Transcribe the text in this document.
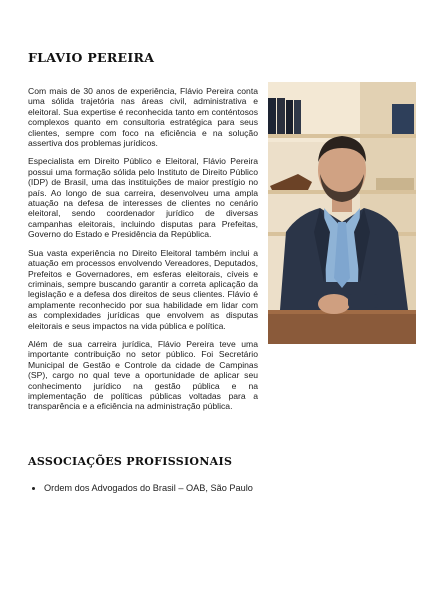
FLAVIO PEREIRA

Com mais de 30 anos de experiência, Flávio Pereira conta uma sólida trajetória nas áreas civil, administrativa e eleitoral. Sua expertise é reconhecida tanto em conténtosos complexos quanto em consultoria estratégica para seus clientes, sempre com foco na eficiência e na solução assertiva dos problemas jurídicos.

Especialista em Direito Público e Eleitoral, Flávio Pereira possui uma formação sólida pelo Instituto de Direito Público (IDP) de Brasil, uma das instituições de maior prestígio no país. Ao longo de sua carreira, desenvolveu uma ampla atuação na defesa de interesses de clientes no cenário eleitoral, sendo coordenador jurídico de diversas campanhas eleitorais, incluindo disputas para Prefeitas, Governo do Estado e Presidência da República.

Sua vasta experiência no Direito Eleitoral também inclui a atuação em processos envolvendo Vereadores, Deputados, Prefeitos e Governadores, em esferas eleitorais, cíveis e criminais, sempre buscando garantir a correta aplicação da legislação e a defesa dos direitos de seus clientes. Flávio é amplamente reconhecido por sua habilidade em lidar com as complexidades jurídicas que envolvem as disputas eleitorais e seus impactos na vida pública e política.

Além de sua carreira jurídica, Flávio Pereira teve uma importante contribuição no setor público. Foi Secretário Municipal de Gestão e Controle da cidade de Campinas (SP), cargo no qual teve a oportunidade de aplicar seu conhecimento jurídico na gestão pública e na implementação de políticas públicas voltadas para a transparência e a eficiência na administração pública.

ASSOCIAÇÕES PROFISSIONAIS
• Ordem dos Advogados do Brasil – OAB, São Paulo
